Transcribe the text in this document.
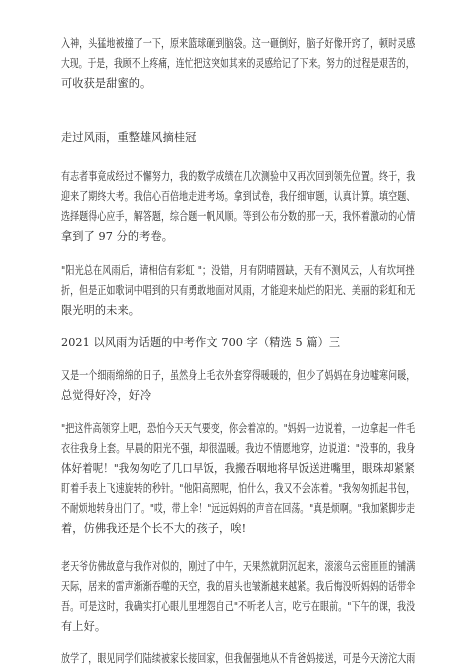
入神，头猛地被撞了一下，原来篮球砸到脑袋。这一砸倒好，脑子好像开窍了，顿时灵感
大现。于是，我顾不上疼痛，连忙把这突如其来的灵感给记了下来。努力的过程是艰苦的，
可收获是甜蜜的。
走过风雨，重整雄风摘桂冠
有志者事竟成经过不懈努力，我的数学成绩在几次测验中又再次回到领先位置。终于，我
迎来了期终大考。我信心百倍地走进考场。拿到试卷，我仔细审题，认真计算。填空题、
选择题得心应手，解答题，综合题一帆风顺。等到公布分数的那一天，我怀着激动的心情
拿到了 97 分的考卷。
"阳光总在风雨后，请相信有彩虹 "；没错，月有阴晴圆缺，天有不测风云，人有坎坷挫
折，但是正如歌词中唱到的只有勇敢地面对风雨，才能迎来灿烂的阳光、美丽的彩虹和无
限光明的未来。
2021 以风雨为话题的中考作文 700 字（精选 5 篇）三
又是一个细雨绵绵的日子，虽然身上毛衣外套穿得暖暖的，但少了妈妈在身边嘘寒问暖，
总觉得好冷，好冷
"把这件高领穿上吧，恐怕今天天气要变，你会着凉的。"妈妈一边说着，一边拿起一件毛
衣往我身上套。早晨的阳光不强，却很温暖。我边不情愿地穿，边说道："没事的，我身
体好着呢！"我匆匆吃了几口早饭，我搬吞咽地将早饭送进嘴里，眼珠却紧紧
盯着手表上飞速旋转的秒针。"他阳高照呢，怕什么，我又不会冻着。"我匆匆抓起书包，
不耐烦地转身出门了。"哎，带上伞！"远远妈妈的声音在回荡。"真是烦啊。"我加紧脚步走
着，仿佛我还是个长不大的孩子，唉!
老天爷仿佛故意与我作对似的，刚过了中午，天果然就阴沉起来，滚滚乌云密匝匝的铺满
天际，居来的雷声渐渐吞噬的天空，我的眉头也皱渐越来越紧。我后悔没听妈妈的话带伞
吾。可是这时，我确实打心眼儿里埋怨自己"不听老人言，吃亏在眼前。"下午的课，我没
有上好。
放学了，眼见同学们陆续被家长接回家，但我倔强地从不肯爸妈接送，可是今天滂沱大雨
